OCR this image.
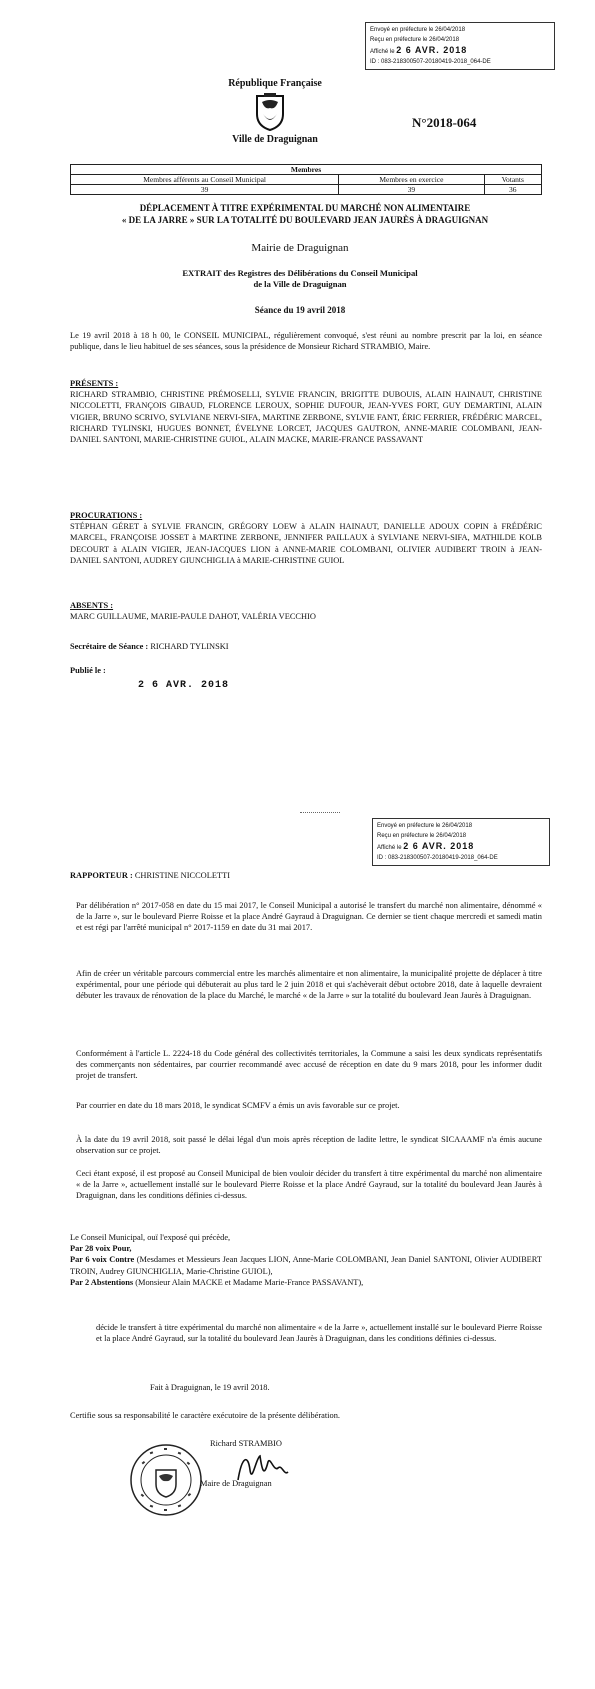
Envoyé en préfecture le 26/04/2018
Reçu en préfecture le 26/04/2018
Affiché le 2 6 AVR. 2018
ID : 083-218300507-20180419-2018_064-DE
République Française
Ville de Draguignan
N°2018-064
Membres		
Membres afférents au Conseil Municipal	Membres en exercice	Votants
39	39	36
DÉPLACEMENT À TITRE EXPÉRIMENTAL DU MARCHÉ NON ALIMENTAIRE
« DE LA JARRE » SUR LA TOTALITÉ DU BOULEVARD JEAN JAURÈS À DRAGUIGNAN
Mairie de Draguignan
EXTRAIT des Registres des Délibérations du Conseil Municipal
de la Ville de Draguignan
Séance du 19 avril 2018
Le 19 avril 2018 à 18 h 00, le CONSEIL MUNICIPAL, régulièrement convoqué, s'est réuni au nombre prescrit par la loi, en séance publique, dans le lieu habituel de ses séances, sous la présidence de Monsieur Richard STRAMBIO, Maire.
PRÉSENTS :
RICHARD STRAMBIO, CHRISTINE PRÉMOSELLI, SYLVIE FRANCIN, BRIGITTE DUBOUIS, ALAIN HAINAUT, CHRISTINE NICCOLETTI, FRANÇOIS GIBAUD, FLORENCE LEROUX, SOPHIE DUFOUR, JEAN-YVES FORT, GUY DEMARTINI, ALAIN VIGIER, BRUNO SCRIVO, SYLVIANE NERVI-SIFA, MARTINE ZERBONE, SYLVIE FANT, ÉRIC FERRIER, FRÉDÉRIC MARCEL, RICHARD TYLINSKI, HUGUES BONNET, ÉVELYNE LORCET, JACQUES GAUTRON, ANNE-MARIE COLOMBANI, JEAN-DANIEL SANTONI, MARIE-CHRISTINE GUIOL, ALAIN MACKE, MARIE-FRANCE PASSAVANT
PROCURATIONS :
STÉPHAN GÉRET à SYLVIE FRANCIN, GRÉGORY LOEW à ALAIN HAINAUT, DANIELLE ADOUX COPIN à FRÉDÉRIC MARCEL, FRANÇOISE JOSSET à MARTINE ZERBONE, JENNIFER PAILLAUX à SYLVIANE NERVI-SIFA, MATHILDE KOLB DECOURT à ALAIN VIGIER, JEAN-JACQUES LION à ANNE-MARIE COLOMBANI, OLIVIER AUDIBERT TROIN à JEAN-DANIEL SANTONI, AUDREY GIUNCHIGLIA à MARIE-CHRISTINE GUIOL
ABSENTS :
MARC GUILLAUME, MARIE-PAULE DAHOT, VALÉRIA VECCHIO
Secrétaire de Séance : RICHARD TYLINSKI
Publié le :
2 6 AVR. 2018
Envoyé en préfecture le 26/04/2018
Reçu en préfecture le 26/04/2018
Affiché le 2 6 AVR. 2018
ID : 083-218300507-20180419-2018_064-DE
RAPPORTEUR : CHRISTINE NICCOLETTI
Par délibération n° 2017-058 en date du 15 mai 2017, le Conseil Municipal a autorisé le transfert du marché non alimentaire, dénommé « de la Jarre », sur le boulevard Pierre Roisse et la place André Gayraud à Draguignan. Ce dernier se tient chaque mercredi et samedi matin et est régi par l'arrêté municipal n° 2017-1159 en date du 31 mai 2017.
Afin de créer un véritable parcours commercial entre les marchés alimentaire et non alimentaire, la municipalité projette de déplacer à titre expérimental, pour une période qui débuterait au plus tard le 2 juin 2018 et qui s'achèverait début octobre 2018, date à laquelle devraient débuter les travaux de rénovation de la place du Marché, le marché « de la Jarre » sur la totalité du boulevard Jean Jaurès à Draguignan.
Conformément à l'article L. 2224-18 du Code général des collectivités territoriales, la Commune a saisi les deux syndicats représentatifs des commerçants non sédentaires, par courrier recommandé avec accusé de réception en date du 9 mars 2018, pour les informer dudit projet de transfert.
Par courrier en date du 18 mars 2018, le syndicat SCMFV a émis un avis favorable sur ce projet.
À la date du 19 avril 2018, soit passé le délai légal d'un mois après réception de ladite lettre, le syndicat SICAAAMF n'a émis aucune observation sur ce projet.
Ceci étant exposé, il est proposé au Conseil Municipal de bien vouloir décider du transfert à titre expérimental du marché non alimentaire « de la Jarre », actuellement installé sur le boulevard Pierre Roisse et la place André Gayraud, sur la totalité du boulevard Jean Jaurès à Draguignan, dans les conditions définies ci-dessus.
Le Conseil Municipal, ouï l'exposé qui précède,
Par 28 voix Pour,
Par 6 voix Contre (Mesdames et Messieurs Jean Jacques LION, Anne-Marie COLOMBANI, Jean Daniel SANTONI, Olivier AUDIBERT TROIN, Audrey GIUNCHIGLIA, Marie-Christine GUIOL),
Par 2 Abstentions (Monsieur Alain MACKE et Madame Marie-France PASSAVANT),
décide le transfert à titre expérimental du marché non alimentaire « de la Jarre », actuellement installé sur le boulevard Pierre Roisse et la place André Gayraud, sur la totalité du boulevard Jean Jaurès à Draguignan, dans les conditions définies ci-dessus.
Fait à Draguignan, le 19 avril 2018.
Certifie sous sa responsabilité le caractère exécutoire de la présente délibération.
Richard STRAMBIO
Maire de Draguignan
